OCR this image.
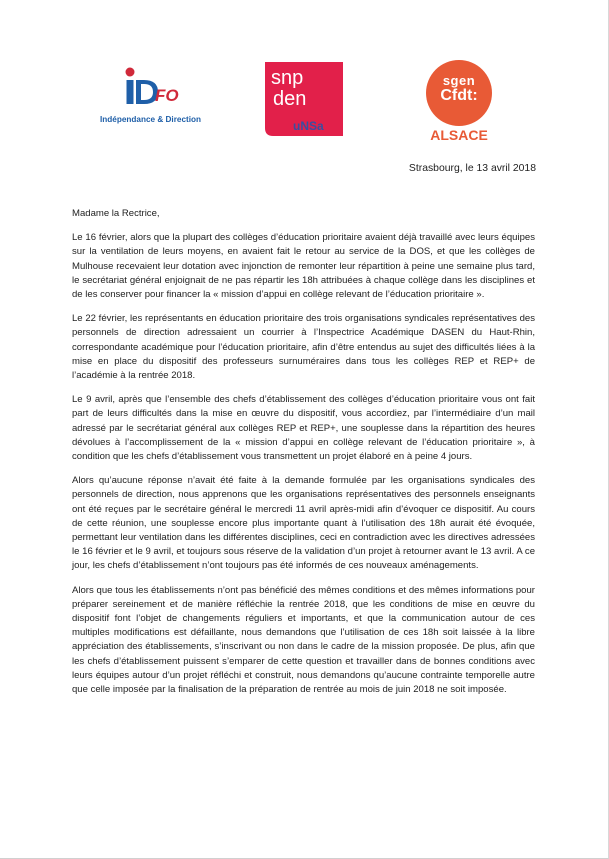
FO
Indépendance & Direction
snp
den
uNSa
sgen
Cfdt:
ALSACE
Strasbourg, le 13 avril 2018

Madame la Rectrice,

Le 16 février, alors que la plupart des collèges d’éducation prioritaire avaient déjà travaillé avec leurs équipes sur la ventilation de leurs moyens, en avaient fait le retour au service de la DOS, et que les collèges de Mulhouse recevaient leur dotation avec injonction de remonter leur répartition à peine une semaine plus tard, le secrétariat général enjoignait de ne pas répartir les 18h attribuées à chaque collège dans les disciplines et de les conserver pour financer la « mission d’appui en collège relevant de l’éducation prioritaire ».

Le 22 février, les représentants en éducation prioritaire des trois organisations syndicales représentatives des personnels de direction adressaient un courrier à l’Inspectrice Académique DASEN du Haut-Rhin, correspondante académique pour l’éducation prioritaire, afin d’être entendus au sujet des difficultés liées à la mise en place du dispositif des professeurs surnuméraires dans tous les collèges REP et REP+ de l’académie à la rentrée 2018.

Le 9 avril, après que l’ensemble des chefs d’établissement des collèges d’éducation prioritaire vous ont fait part de leurs difficultés dans la mise en œuvre du dispositif, vous accordiez, par l’intermédiaire d’un mail adressé par le secrétariat général aux collèges REP et REP+, une souplesse dans la répartition des heures dévolues à l’accomplissement de la « mission d’appui en collège relevant de l’éducation prioritaire », à condition que les chefs d’établissement vous transmettent un projet élaboré en à peine 4 jours.

Alors qu’aucune réponse n’avait été faite à la demande formulée par les organisations syndicales des personnels de direction, nous apprenons que les organisations représentatives des personnels enseignants ont été reçues par le secrétaire général le mercredi 11 avril après-midi afin d’évoquer ce dispositif. Au cours de cette réunion, une souplesse encore plus importante quant à l’utilisation des 18h aurait été évoquée, permettant leur ventilation dans les différentes disciplines, ceci en contradiction avec les directives adressées le 16 février et le 9 avril, et toujours sous réserve de la validation d’un projet à retourner avant le 13 avril. A ce jour, les chefs d’établissement n’ont toujours pas été informés de ces nouveaux aménagements.

Alors que tous les établissements n’ont pas bénéficié des mêmes conditions et des mêmes informations pour préparer sereinement et de manière réfléchie la rentrée 2018, que les conditions de mise en œuvre du dispositif font l’objet de changements réguliers et importants, et que la communication autour de ces multiples modifications est défaillante, nous demandons que l’utilisation de ces 18h soit laissée à la libre appréciation des établissements, s’inscrivant ou non dans le cadre de la mission proposée. De plus, afin que les chefs d’établissement puissent s’emparer de cette question et travailler dans de bonnes conditions avec leurs équipes autour d’un projet réfléchi et construit, nous demandons qu’aucune contrainte temporelle autre que celle imposée par la finalisation de la préparation de rentrée au mois de juin 2018 ne soit imposée.
